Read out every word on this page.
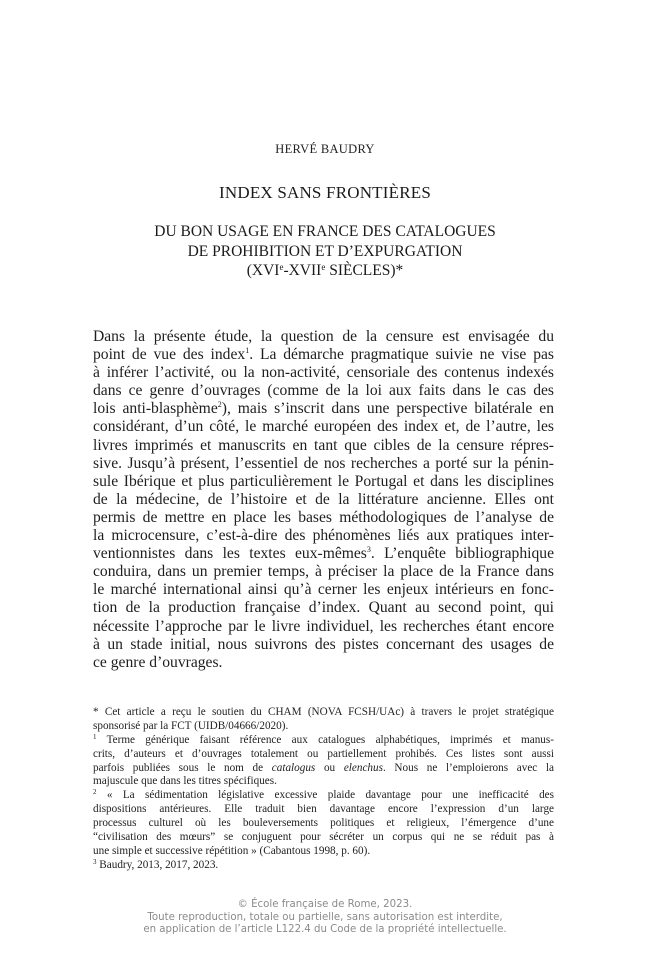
HERVÉ BAUDRY
INDEX SANS FRONTIÈRES
DU BON USAGE EN FRANCE DES CATALOGUES
DE PROHIBITION ET D’EXPURGATION
(XVIe-XVIIe SIÈCLES)*
Dans la présente étude, la question de la censure est envisagée du
point de vue des index$^1$. La démarche pragmatique suivie ne vise pas
à inférer l’activité, ou la non-activité, censoriale des contenus indexés
dans ce genre d’ouvrages (comme de la loi aux faits dans le cas des
lois anti-blasphème$^2$), mais s’inscrit dans une perspective bilatérale en
considérant, d’un côté, le marché européen des index et, de l’autre, les
livres imprimés et manuscrits en tant que cibles de la censure répres-
sive. Jusqu’à présent, l’essentiel de nos recherches a porté sur la pénin-
sule Ibérique et plus particulièrement le Portugal et dans les disciplines
de la médecine, de l’histoire et de la littérature ancienne. Elles ont
permis de mettre en place les bases méthodologiques de l’analyse de
la microcensure, c’est-à-dire des phénomènes liés aux pratiques inter-
ventionnistes dans les textes eux-mêmes$^3$. L’enquête bibliographique
conduira, dans un premier temps, à préciser la place de la France dans
le marché international ainsi qu’à cerner les enjeux intérieurs en fonc-
tion de la production française d’index. Quant au second point, qui
nécessite l’approche par le livre individuel, les recherches étant encore
à un stade initial, nous suivrons des pistes concernant des usages de
ce genre d’ouvrages.
* Cet article a reçu le soutien du CHAM (NOVA FCSH/UAc) à travers le projet stratégique
sponsorisé par la FCT (UIDB/04666/2020).
$^1$ Terme générique faisant référence aux catalogues alphabétiques, imprimés et manus-
crits, d’auteurs et d’ouvrages totalement ou partiellement prohibés. Ces listes sont aussi
parfois publiées sous le nom de catalogus ou elenchus. Nous ne l’emploierons avec la
majuscule que dans les titres spécifiques.
$^2$ « La sédimentation législative excessive plaide davantage pour une inefficacité des
dispositions antérieures. Elle traduit bien davantage encore l’expression d’un large
processus culturel où les bouleversements politiques et religieux, l’émergence d’une
“civilisation des mœurs” se conjuguent pour sécréter un corpus qui ne se réduit pas à
une simple et successive répétition » (Cabantous 1998, p. 60).
$^3$ Baudry, 2013, 2017, 2023.
© École française de Rome, 2023.
Toute reproduction, totale ou partielle, sans autorisation est interdite,
en application de l’article L122.4 du Code de la propriété intellectuelle.
